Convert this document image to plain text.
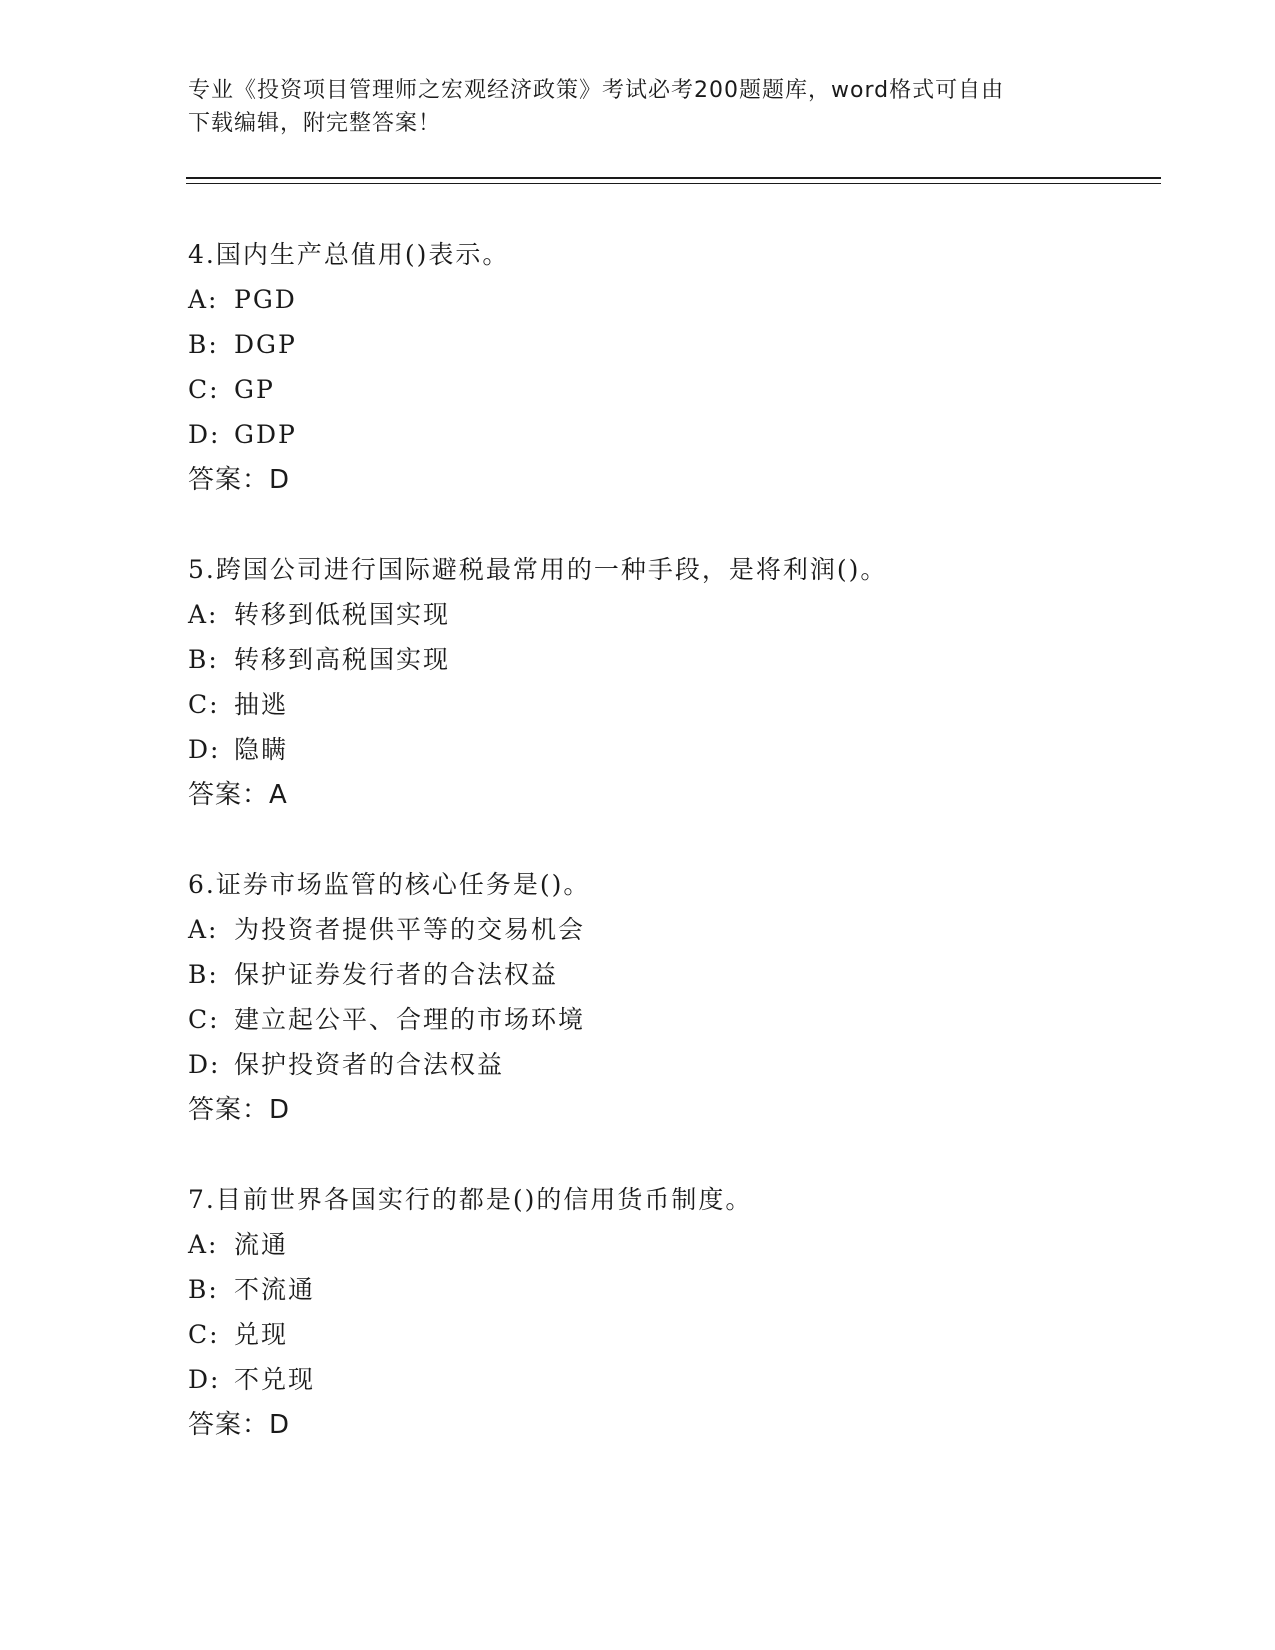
专业《投资项目管理师之宏观经济政策》考试必考200题题库，word格式可自由
下载编辑，附完整答案！
4.国内生产总值用()表示。
A: PGD
B: DGP
C: GP
D: GDP
答案：D
5.跨国公司进行国际避税最常用的一种手段，是将利润()。
A: 转移到低税国实现
B: 转移到高税国实现
C: 抽逃
D: 隐瞒
答案：A
6.证券市场监管的核心任务是()。
A: 为投资者提供平等的交易机会
B: 保护证券发行者的合法权益
C: 建立起公平、合理的市场环境
D: 保护投资者的合法权益
答案：D
7.目前世界各国实行的都是()的信用货币制度。
A: 流通
B: 不流通
C: 兑现
D: 不兑现
答案：D
